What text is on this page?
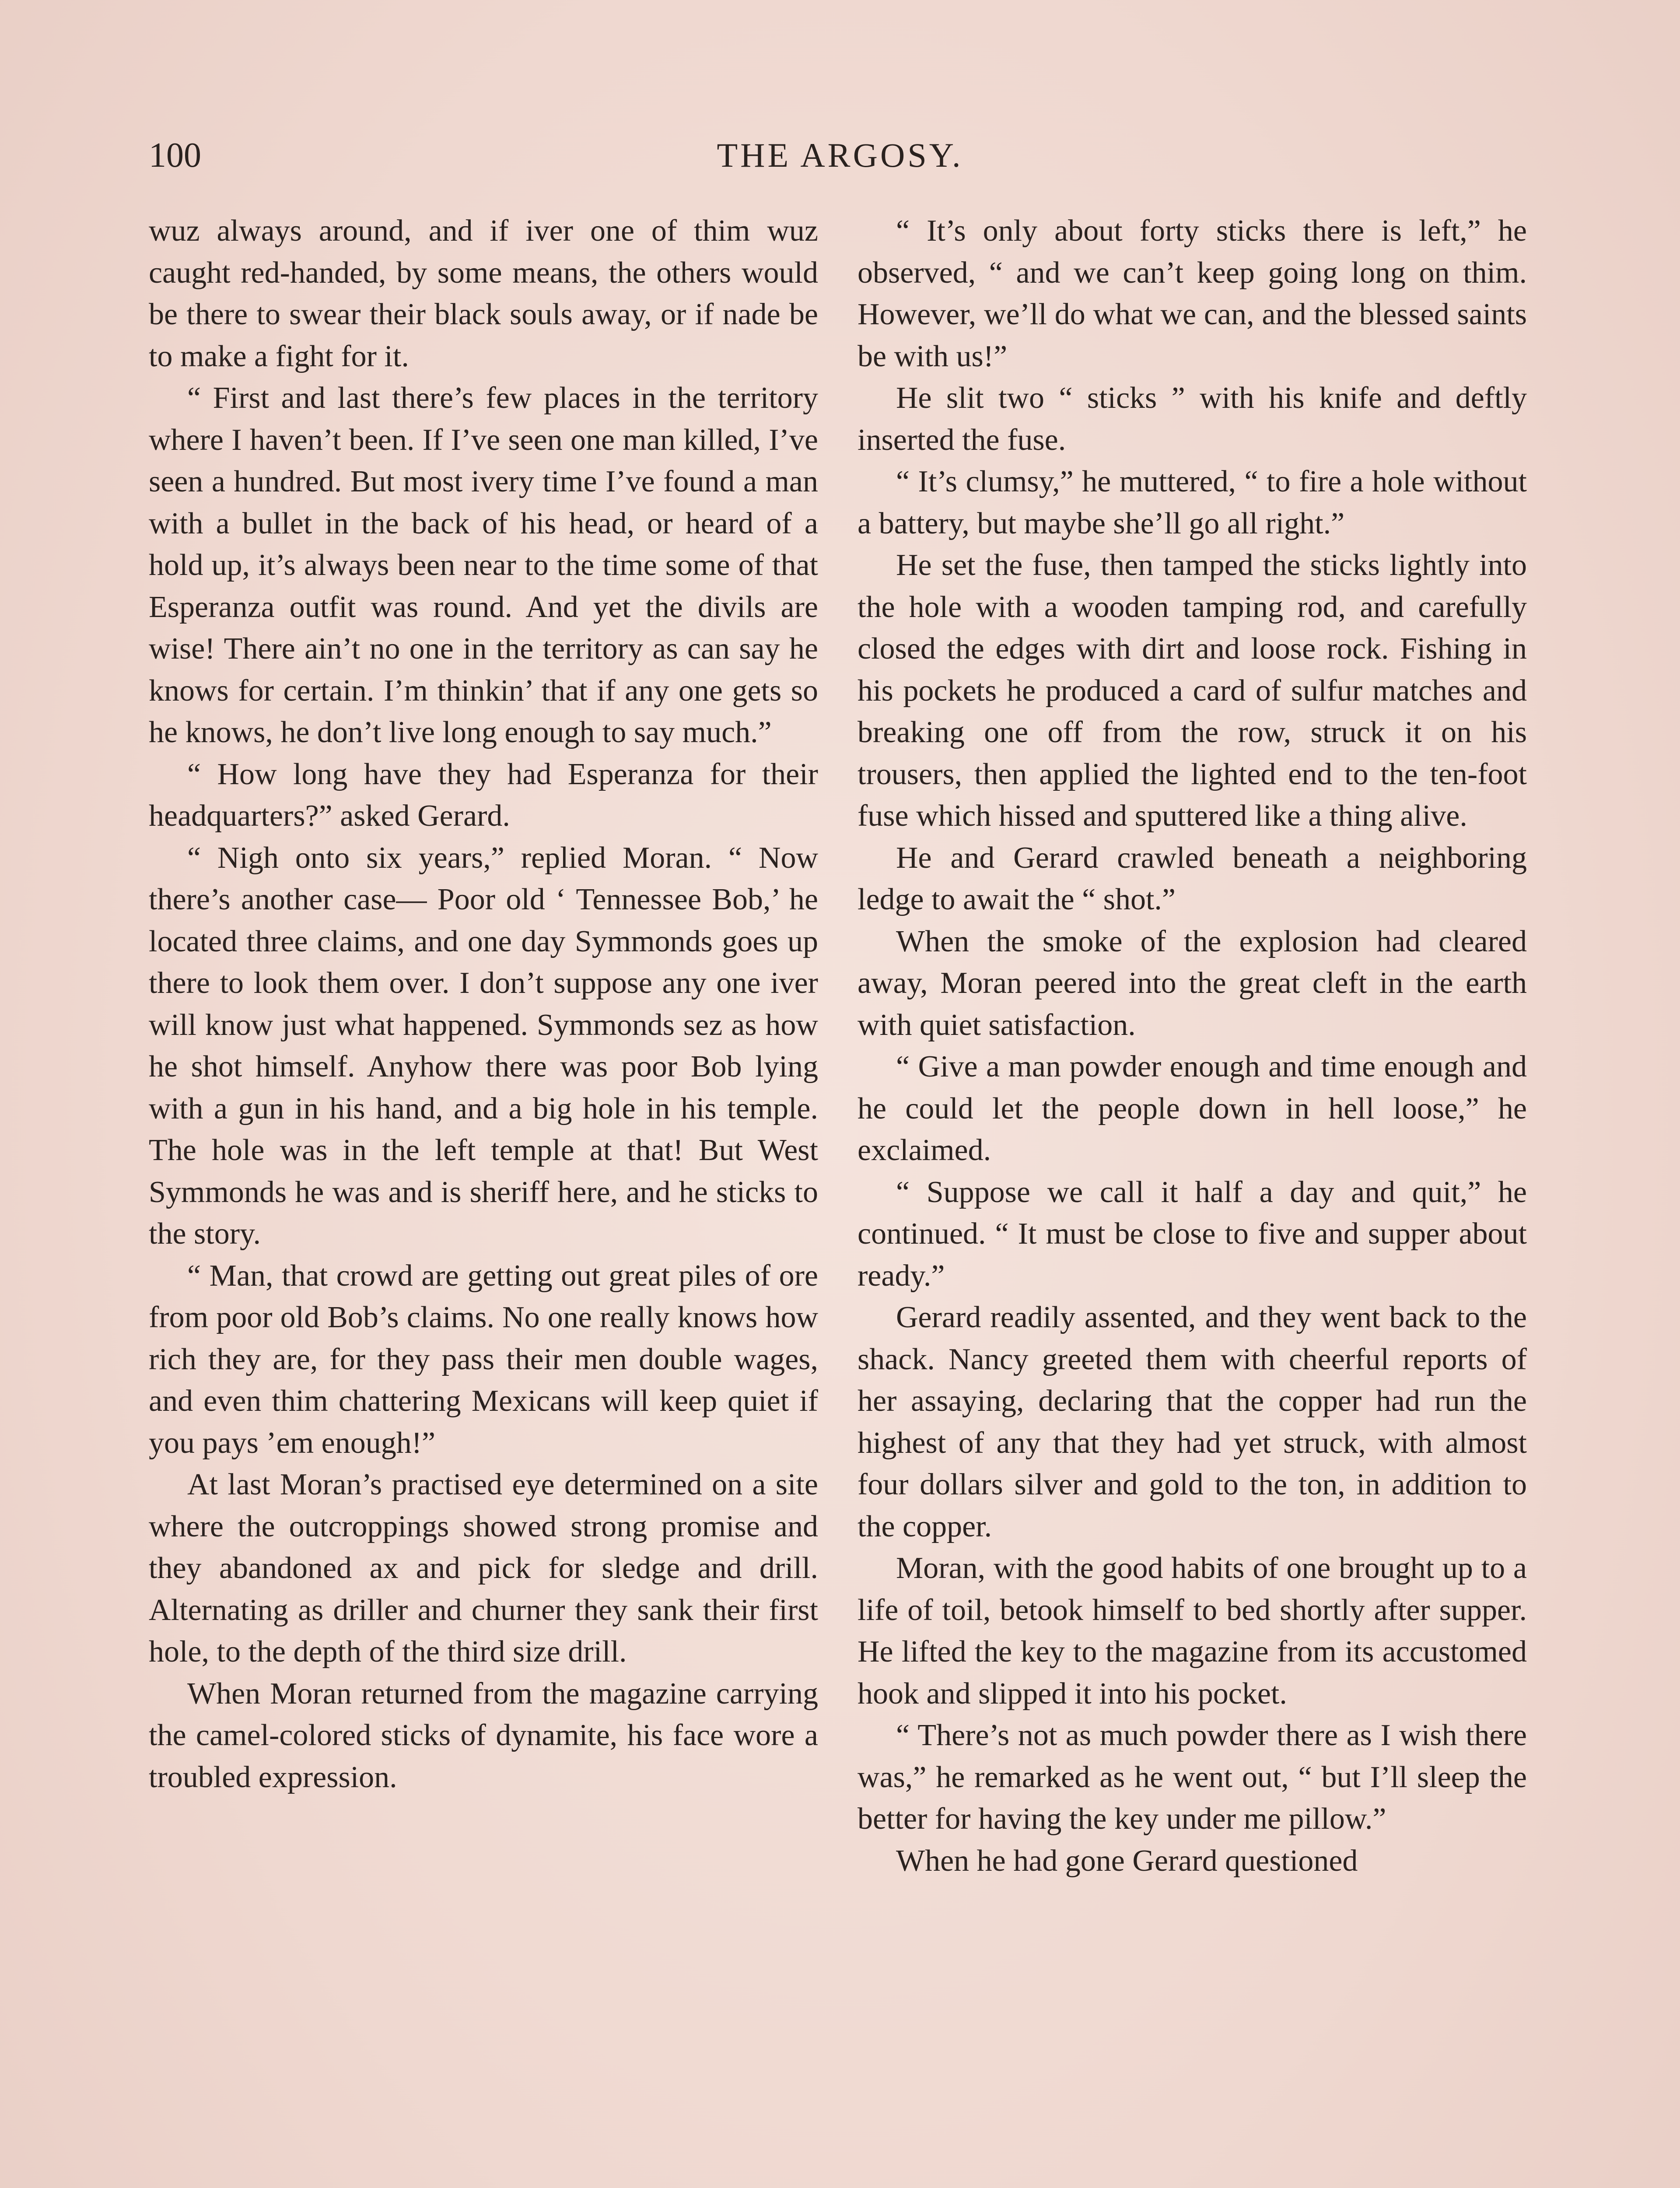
100	THE ARGOSY.

wuz always around, and if iver one of thim wuz caught red-handed, by some means, the others would be there to swear their black souls away, or if nade be to make a fight for it.

“ First and last there’s few places in the territory where I haven’t been. If I’ve seen one man killed, I’ve seen a hundred. But most ivery time I’ve found a man with a bullet in the back of his head, or heard of a hold up, it’s always been near to the time some of that Esperanza outfit was round. And yet the divils are wise! There ain’t no one in the territory as can say he knows for certain. I’m thinkin’ that if any one gets so he knows, he don’t live long enough to say much.”

“ How long have they had Esperanza for their headquarters?” asked Gerard.

“ Nigh onto six years,” replied Moran. “ Now there’s another case— Poor old ‘ Tennessee Bob,’ he located three claims, and one day Symmonds goes up there to look them over. I don’t suppose any one iver will know just what happened. Symmonds sez as how he shot himself. Anyhow there was poor Bob lying with a gun in his hand, and a big hole in his temple. The hole was in the left temple at that! But West Symmonds he was and is sheriff here, and he sticks to the story.

“ Man, that crowd are getting out great piles of ore from poor old Bob’s claims. No one really knows how rich they are, for they pass their men double wages, and even thim chattering Mexicans will keep quiet if you pays ’em enough!”

At last Moran’s practised eye determined on a site where the outcroppings showed strong promise and they abandoned ax and pick for sledge and drill. Alternating as driller and churner they sank their first hole, to the depth of the third size drill.

When Moran returned from the magazine carrying the camel-colored sticks of dynamite, his face wore a troubled expression.

“ It’s only about forty sticks there is left,” he observed, “ and we can’t keep going long on thim. However, we’ll do what we can, and the blessed saints be with us!”

He slit two “ sticks ” with his knife and deftly inserted the fuse.

“ It’s clumsy,” he muttered, “ to fire a hole without a battery, but maybe she’ll go all right.”

He set the fuse, then tamped the sticks lightly into the hole with a wooden tamping rod, and carefully closed the edges with dirt and loose rock. Fishing in his pockets he produced a card of sulfur matches and breaking one off from the row, struck it on his trousers, then applied the lighted end to the ten-foot fuse which hissed and sputtered like a thing alive.

He and Gerard crawled beneath a neighboring ledge to await the “ shot.”

When the smoke of the explosion had cleared away, Moran peered into the great cleft in the earth with quiet satisfaction.

“ Give a man powder enough and time enough and he could let the people down in hell loose,” he exclaimed.

“ Suppose we call it half a day and quit,” he continued. “ It must be close to five and supper about ready.”

Gerard readily assented, and they went back to the shack. Nancy greeted them with cheerful reports of her assaying, declaring that the copper had run the highest of any that they had yet struck, with almost four dollars silver and gold to the ton, in addition to the copper.

Moran, with the good habits of one brought up to a life of toil, betook himself to bed shortly after supper. He lifted the key to the magazine from its accustomed hook and slipped it into his pocket.

“ There’s not as much powder there as I wish there was,” he remarked as he went out, “ but I’ll sleep the better for having the key under me pillow.”

When he had gone Gerard questioned
